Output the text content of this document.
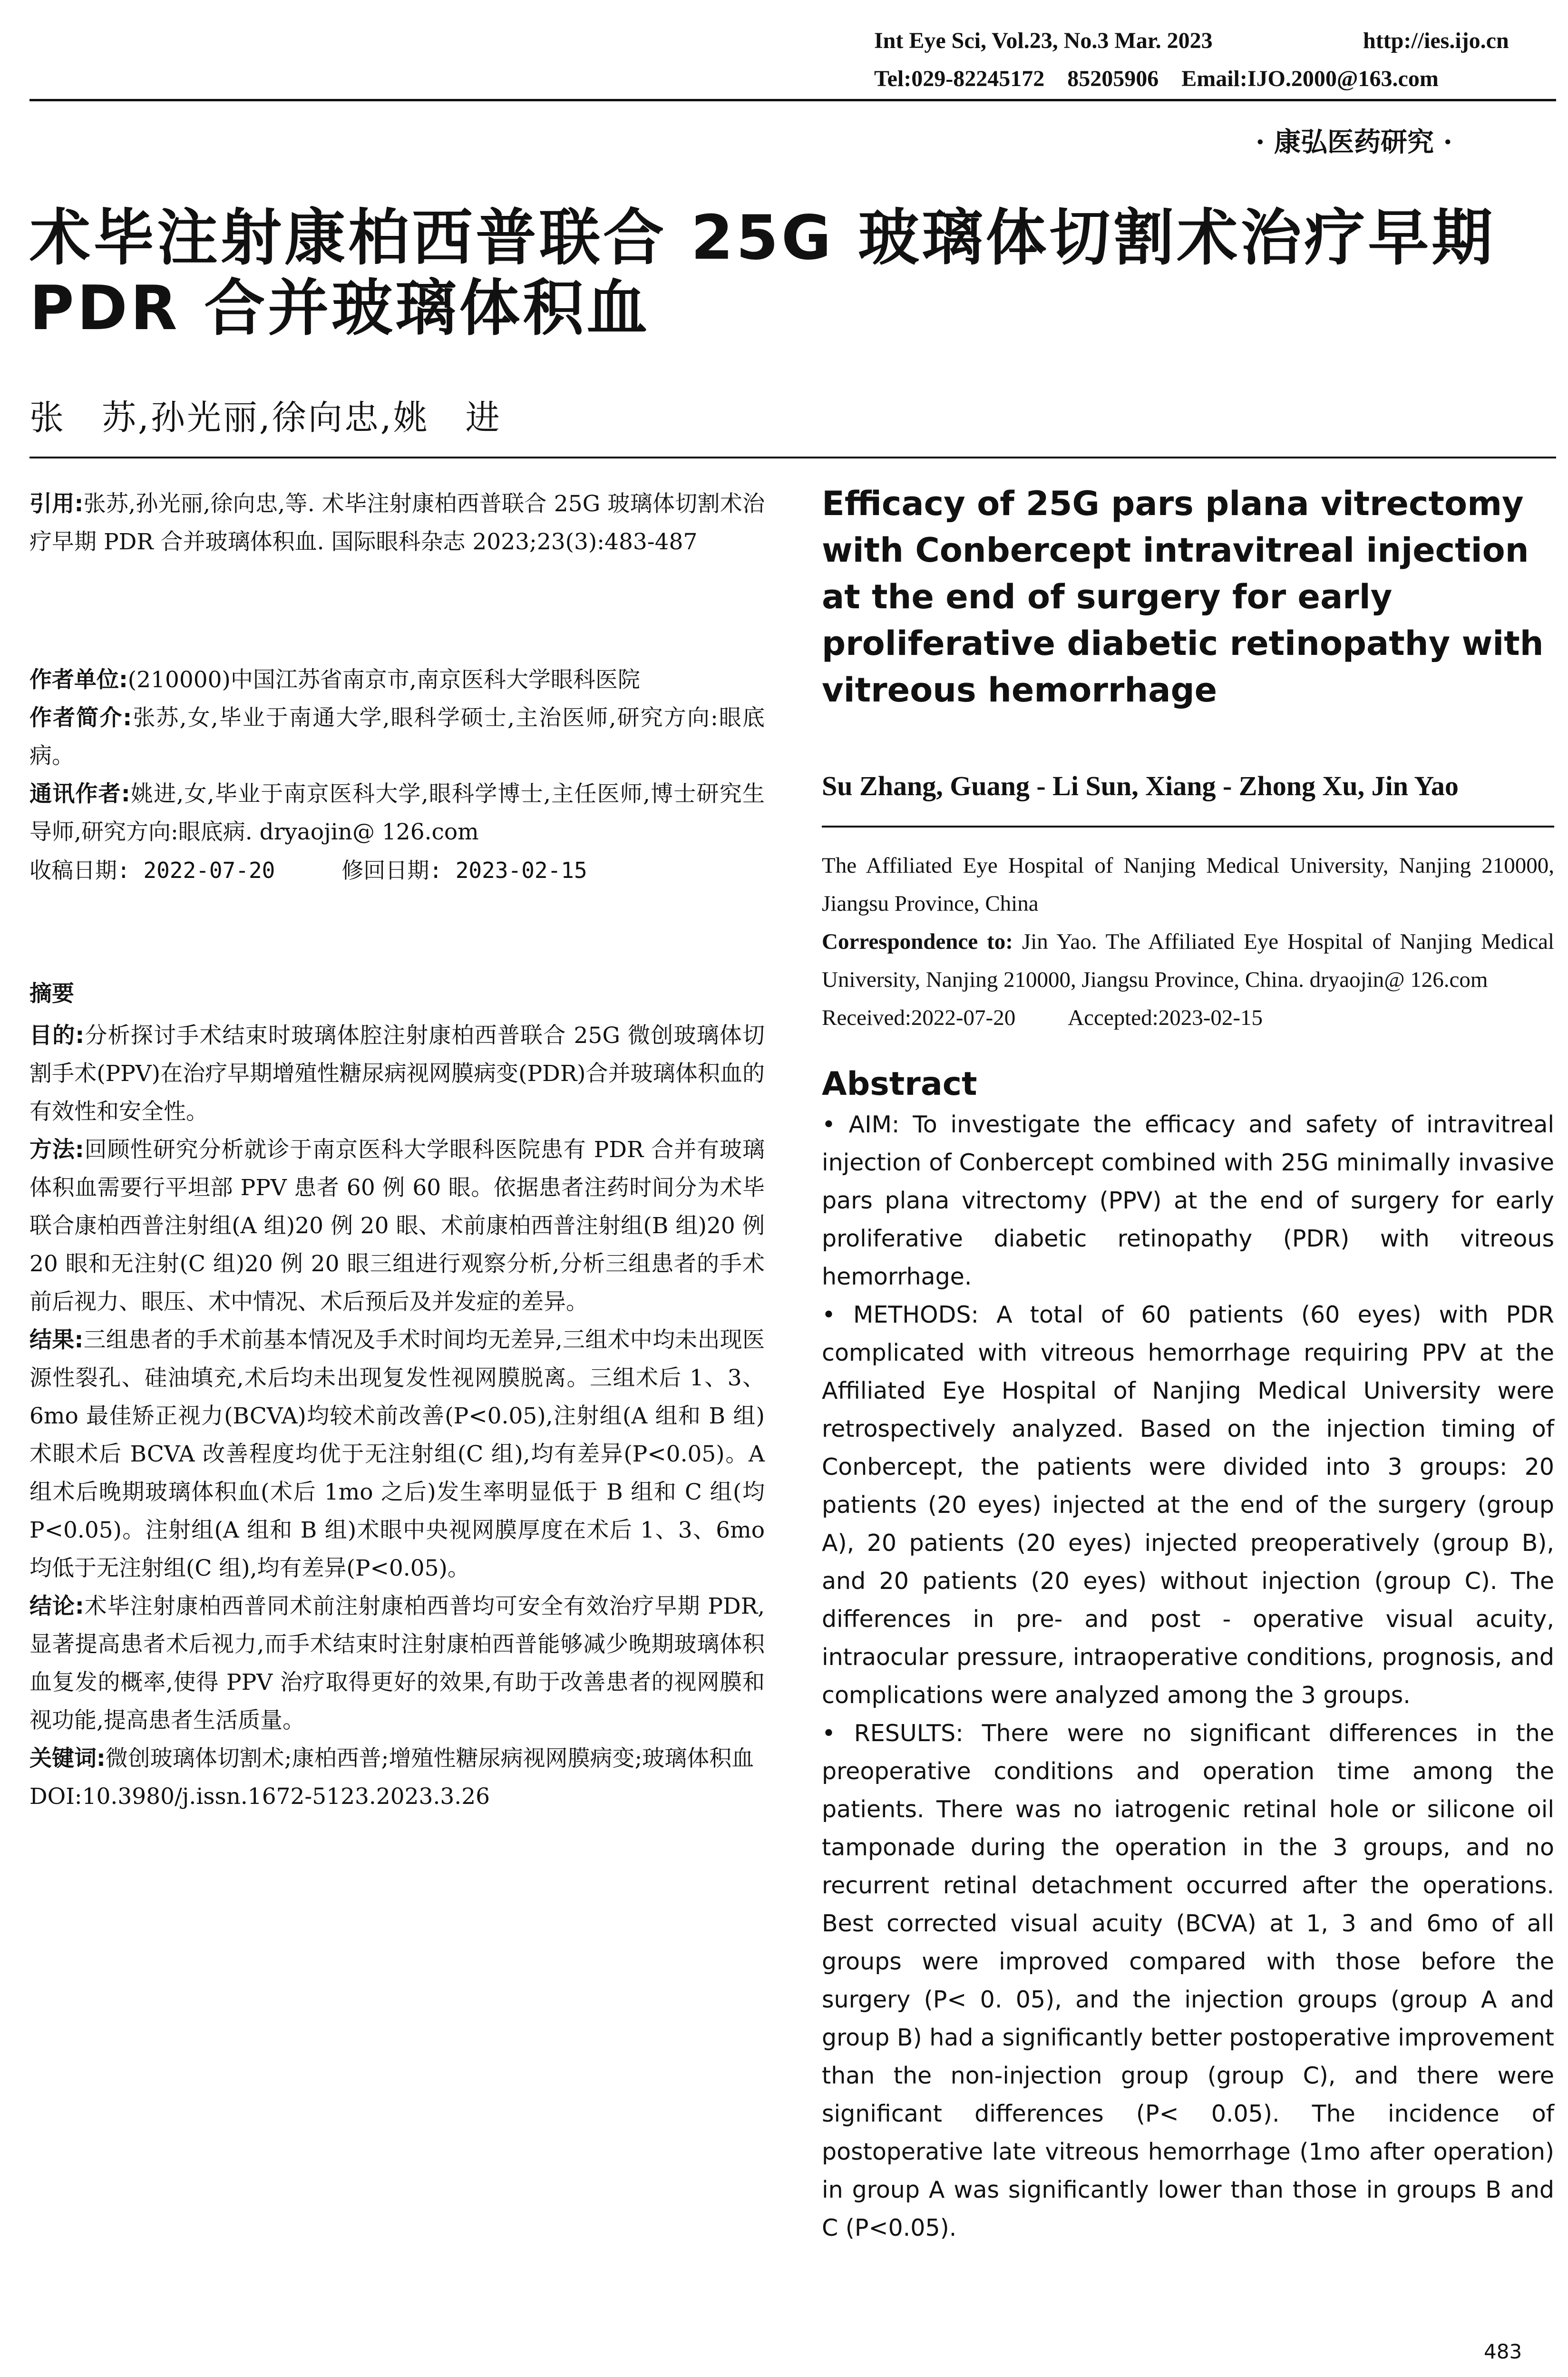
Int Eye Sci, Vol.23, No.3 Mar. 2023	http://ies.ijo.cn
Tel:029-82245172    85205906    Email:IJO.2000@163.com
· 康弘医药研究 ·
术毕注射康柏西普联合 25G 玻璃体切割术治疗早期
PDR 合并玻璃体积血
张　苏,孙光丽,徐向忠,姚　进

引用:张苏,孙光丽,徐向忠,等. 术毕注射康柏西普联合 25G 玻璃体切割术治疗早期 PDR 合并玻璃体积血. 国际眼科杂志 2023;23(3):483-487

作者单位:(210000)中国江苏省南京市,南京医科大学眼科医院

作者简介:张苏,女,毕业于南通大学,眼科学硕士,主治医师,研究方向:眼底病。

通讯作者:姚进,女,毕业于南京医科大学,眼科学博士,主任医师,博士研究生导师,研究方向:眼底病. dryaojin@ 126.com

收稿日期: 2022-07-20	修回日期: 2023-02-15

摘要

目的:分析探讨手术结束时玻璃体腔注射康柏西普联合 25G 微创玻璃体切割手术(PPV)在治疗早期增殖性糖尿病视网膜病变(PDR)合并玻璃体积血的有效性和安全性。

方法:回顾性研究分析就诊于南京医科大学眼科医院患有 PDR 合并有玻璃体积血需要行平坦部 PPV 患者 60 例 60 眼。依据患者注药时间分为术毕联合康柏西普注射组(A 组)20 例 20 眼、术前康柏西普注射组(B 组)20 例 20 眼和无注射(C 组)20 例 20 眼三组进行观察分析,分析三组患者的手术前后视力、眼压、术中情况、术后预后及并发症的差异。

结果:三组患者的手术前基本情况及手术时间均无差异,三组术中均未出现医源性裂孔、硅油填充,术后均未出现复发性视网膜脱离。三组术后 1、3、6mo 最佳矫正视力(BCVA)均较术前改善(P<0.05),注射组(A 组和 B 组)术眼术后 BCVA 改善程度均优于无注射组(C 组),均有差异(P<0.05)。A 组术后晚期玻璃体积血(术后 1mo 之后)发生率明显低于 B 组和 C 组(均 P<0.05)。注射组(A 组和 B 组)术眼中央视网膜厚度在术后 1、3、6mo 均低于无注射组(C 组),均有差异(P<0.05)。

结论:术毕注射康柏西普同术前注射康柏西普均可安全有效治疗早期 PDR,显著提高患者术后视力,而手术结束时注射康柏西普能够减少晚期玻璃体积血复发的概率,使得 PPV 治疗取得更好的效果,有助于改善患者的视网膜和视功能,提高患者生活质量。

关键词:微创玻璃体切割术;康柏西普;增殖性糖尿病视网膜病变;玻璃体积血

DOI:10.3980/j.issn.1672-5123.2023.3.26

Efficacy of 25G pars plana vitrectomy with Conbercept intravitreal injection at the end of surgery for early proliferative diabetic retinopathy with vitreous hemorrhage
Su Zhang, Guang - Li Sun, Xiang - Zhong Xu, Jin Yao

The Affiliated Eye Hospital of Nanjing Medical University, Nanjing 210000, Jiangsu Province, China

Correspondence to: Jin Yao. The Affiliated Eye Hospital of Nanjing Medical University, Nanjing 210000, Jiangsu Province, China. dryaojin@ 126.com

Received:2022-07-20 Accepted:2023-02-15

Abstract

• AIM: To investigate the efficacy and safety of intravitreal injection of Conbercept combined with 25G minimally invasive pars plana vitrectomy (PPV) at the end of surgery for early proliferative diabetic retinopathy (PDR) with vitreous hemorrhage.

• METHODS: A total of 60 patients (60 eyes) with PDR complicated with vitreous hemorrhage requiring PPV at the Affiliated Eye Hospital of Nanjing Medical University were retrospectively analyzed. Based on the injection timing of Conbercept, the patients were divided into 3 groups: 20 patients (20 eyes) injected at the end of the surgery (group A), 20 patients (20 eyes) injected preoperatively (group B), and 20 patients (20 eyes) without injection (group C). The differences in pre- and post - operative visual acuity, intraocular pressure, intraoperative conditions, prognosis, and complications were analyzed among the 3 groups.

• RESULTS: There were no significant differences in the preoperative conditions and operation time among the patients. There was no iatrogenic retinal hole or silicone oil tamponade during the operation in the 3 groups, and no recurrent retinal detachment occurred after the operations. Best corrected visual acuity (BCVA) at 1, 3 and 6mo of all groups were improved compared with those before the surgery (P< 0. 05), and the injection groups (group A and group B) had a significantly better postoperative improvement than the non-injection group (group C), and there were significant differences (P< 0.05). The incidence of postoperative late vitreous hemorrhage (1mo after operation) in group A was significantly lower than those in groups B and C (P<0.05).

483
